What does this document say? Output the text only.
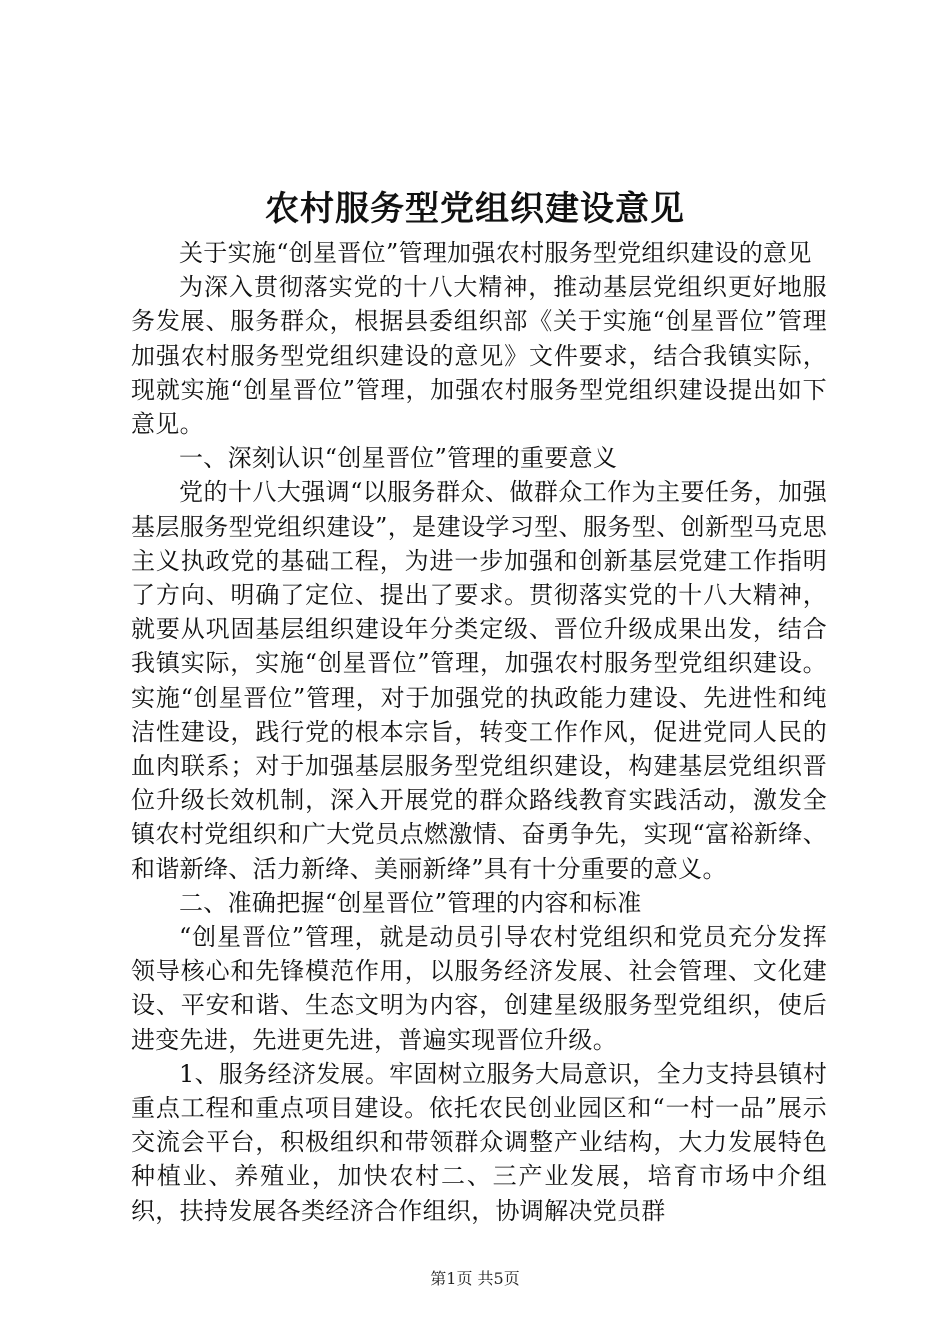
农村服务型党组织建设意见

关于实施“创星晋位”管理加强农村服务型党组织建设的意见

为深入贯彻落实党的十八大精神，推动基层党组织更好地服务发展、服务群众，根据县委组织部《关于实施“创星晋位”管理加强农村服务型党组织建设的意见》文件要求，结合我镇实际，现就实施“创星晋位”管理，加强农村服务型党组织建设提出如下意见。

一、深刻认识“创星晋位”管理的重要意义

党的十八大强调“以服务群众、做群众工作为主要任务，加强基层服务型党组织建设”，是建设学习型、服务型、创新型马克思主义执政党的基础工程，为进一步加强和创新基层党建工作指明了方向、明确了定位、提出了要求。贯彻落实党的十八大精神，就要从巩固基层组织建设年分类定级、晋位升级成果出发，结合我镇实际，实施“创星晋位”管理，加强农村服务型党组织建设。实施“创星晋位”管理，对于加强党的执政能力建设、先进性和纯洁性建设，践行党的根本宗旨，转变工作作风，促进党同人民的血肉联系；对于加强基层服务型党组织建设，构建基层党组织晋位升级长效机制，深入开展党的群众路线教育实践活动，激发全镇农村党组织和广大党员点燃激情、奋勇争先，实现“富裕新绛、和谐新绛、活力新绛、美丽新绛”具有十分重要的意义。

二、准确把握“创星晋位”管理的内容和标准

“创星晋位”管理，就是动员引导农村党组织和党员充分发挥领导核心和先锋模范作用，以服务经济发展、社会管理、文化建设、平安和谐、生态文明为内容，创建星级服务型党组织，使后进变先进，先进更先进，普遍实现晋位升级。

1、服务经济发展。牢固树立服务大局意识，全力支持县镇村重点工程和重点项目建设。依托农民创业园区和“一村一品”展示交流会平台，积极组织和带领群众调整产业结构，大力发展特色种植业、养殖业，加快农村二、三产业发展，培育市场中介组织，扶持发展各类经济合作组织，协调解决党员群

第1页 共5页
